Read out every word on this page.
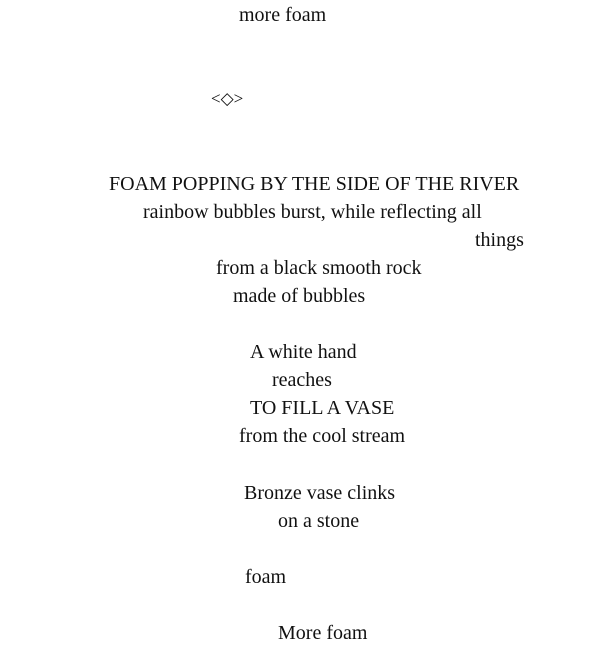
more foam
<◇>
FOAM POPPING BY THE SIDE OF THE RIVER
rainbow bubbles burst, while reflecting all
things
from a black smooth rock
made of bubbles
A white hand
reaches
TO FILL A VASE
from the cool stream
Bronze vase clinks
on a stone
foam
More foam
